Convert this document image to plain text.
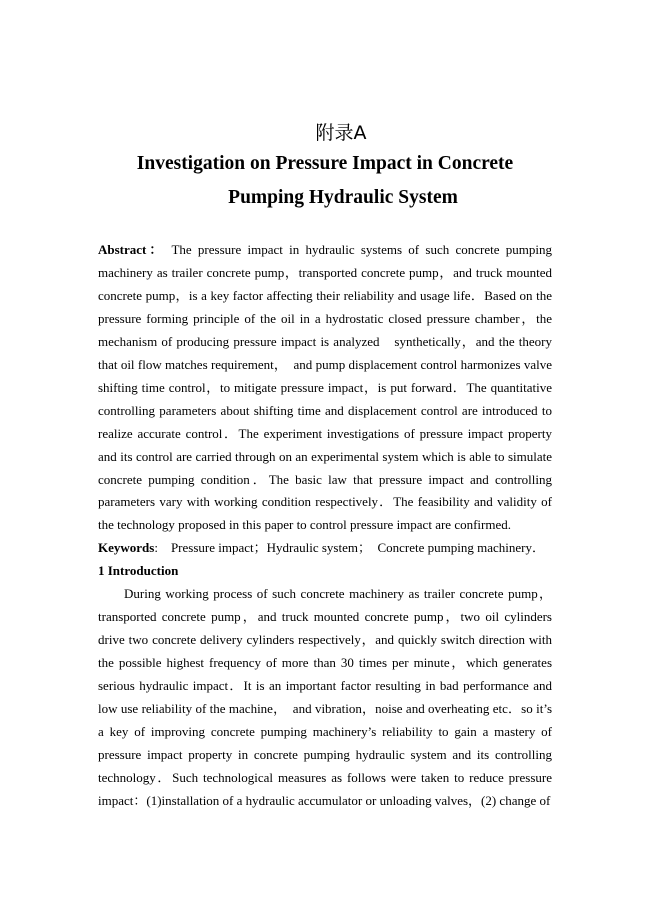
附录A
Investigation on Pressure Impact in Concrete
Pumping Hydraulic System

Abstract： The pressure impact in hydraulic systems of such concrete pumping machinery as trailer concrete pump，transported concrete pump，and truck mounted concrete pump，is a key factor affecting their reliability and usage life．Based on the pressure forming principle of the oil in a hydrostatic closed pressure chamber，the mechanism of producing pressure impact is analyzed　synthetically，and the theory that oil flow matches requirement，　and pump displacement control harmonizes valve shifting time control，to mitigate pressure impact，is put forward．The quantitative controlling parameters about shifting time and displacement control are introduced to realize accurate control．The experiment investigations of pressure impact property and its control are carried through on an experimental system which is able to simulate concrete pumping condition．The basic law that pressure impact and controlling parameters vary with working condition respectively．The feasibility and validity of the technology proposed in this paper to control pressure impact are confirmed.

Keywords:　Pressure impact；Hydraulic system；　Concrete pumping machinery．

1 Introduction

During working process of such concrete machinery as trailer concrete pump，transported concrete pump，and truck mounted concrete pump，two oil cylinders drive two concrete delivery cylinders respectively，and quickly switch direction with the possible highest frequency of more than 30 times per minute，which generates serious hydraulic impact．It is an important factor resulting in bad performance and low use reliability of the machine，　and vibration，noise and overheating etc．so it’s a key of improving concrete pumping machinery’s reliability to gain a mastery of pressure impact property in concrete pumping hydraulic system and its controlling technology．Such technological measures as follows were taken to reduce pressure impact：(1)installation of a hydraulic accumulator or unloading valves，(2) change of
